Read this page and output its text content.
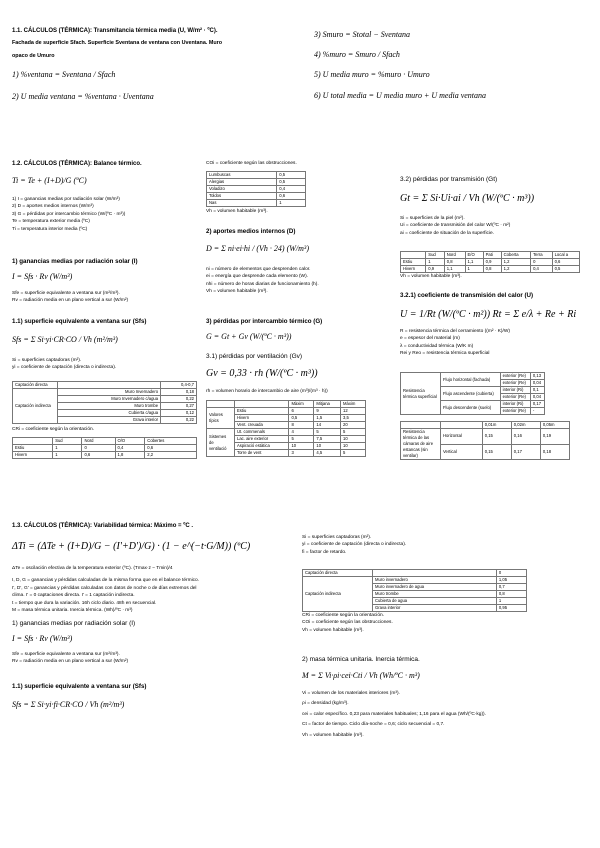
1.1. CÁLCULOS (TÉRMICA): Transmitancia térmica media (U, W/m² · ºC).
Fachada de superficie Sfach. Superficie Sventana de ventana con Uventana. Muro
opaco de Umuro
1) %ventana = Sventana / Sfach
2) U media ventana = %ventana · Uventana
3) Smuro = Stotal − Sventana
4) %muro = Smuro / Sfach
5) U media muro = %muro · Umuro
6) U total media = U media muro + U media ventana
1.2. CÁLCULOS (TÉRMICA): Balance térmico.
Ti = Te + (I+D)/G (ºC)
1) I = ganancias medias por radiación solar (W/m³)
2) D = aportes medios internos (W/m³)
3) G = pérdidas por intercambio térmico (W/(ºC · m³))
Te = temperatura exterior media (ºC)
Ti = temperatura interior media (ºC)
1) ganancias medias por radiación solar (I)
I = Sfs · Rv (W/m³)
Sfe = superficie equivalente a ventana sur (m²/m³).
Rv = radiación media en un plano vertical a sur (W/m²)
1.1) superficie equivalente a ventana sur (Sfs)
Sfs = Σ Si·yi·CR·CO / Vh (m²/m³)
Si = superficies captadoras (m²).
yi = coeficiente de captación (directa o indirecta).
Captación directa		0,4-0,7
Captación indirecta	Muro Invernadero	0,18
	Muro Invernadero c/agua	0,22
	Muro trombe	0,27
	Cubierta c/agua	0,12
	Grava interior	0,22
CRi = coeficiente según la orientación.
	Sud	Nord	O/O	Cobertes
Estiu	1	0	0,4	0,6
Hivern	1	0,6	1,8	2,2
COi = coeficiente según las obstrucciones.
Lumbuscas	0,5
Alergias	0,5
Voladizo	0,4
Toldos	0,6
Nas	1
Vh = volumen habitable (m³).
2) aportes medios internos (D)
D = Σ ni·ei·hi / (Vh · 24) (W/m³)
ni = número de elementos que desprenden calor.
ei = energía que desprende cada elemento (W).
nhi = número de horas diarias de funcionamiento (h).
Vh = volumen habitable (m³).
3) pérdidas por intercambio térmico (G)
G = Gt + Gv (W/(ºC · m³))
3.1) pérdidas por ventilación (Gv)
Gv = 0,33 · rh (W/(ºC · m³))
rh = volumen horario de intercambio de aire (m³)/(m³ · h))
		Màxim	Mitjana	Màxim
Valores típics	Estiu	6	9	12
	Hivern	0,5	1,5	3,5
	Vent. creuada	8	14	20
Sistemes de ventilació	Ut. commenals	4	5	5
	Lac. aire exterior	5	7,5	10
	Aspiració estàtica	10	10	10
	Torre de vent	3	4,5	5
3.2) pérdidas por transmisión (Gt)
Gt = Σ Si·Ui·ai / Vh (W/(ºC · m³))
Si = superficies de la piel (m²).
Ui = coeficiente de transmisión del calor W/(ºC · m²)
ai = coeficiente de situación de la superficie.
	Sud	Nord	E/O	Pati	Coberta	Terra	Local a
Estiu	1	0,8	1,1	0,9	1,2	0	0,6
Hivern	0,9	1,1	1	0,8	1,2	0,4	0,5
Vh = volumen habitable (m³).
3.2.1) coeficiente de transmisión del calor (U)
U = 1/Rt (W/(ºC · m²)) Rt = Σ e/λ + Re + Ri
R = resistencia térmica del cerramiento ((m² · K)/W)
e = espesor del material (m)
λ = conductividad térmica (W/K m)
Rei y Reo = resistencia térmica superficial
Resistencia térmica superficial	Flujo horizontal (fachada)	exterior (Re)	0,13
		exterior (Re)	0,04
	Flujo ascendente (cubierta)	interior (Ri)	0,1
		exterior (Re)	0,04
	Flujo descendente (suelo)	interior (Ri)	0,17
		exterior (Re)	-
		0,01m	0,02m	0,05m
Resistencia térmica de las cámaras de aire estancas (sin ventilar)	Horizontal	0,15	0,16	0,19
	Vertical	0,15	0,17	0,18
1.3. CÁLCULOS (TÉRMICA): Variabilidad térmica: Máximo = ºC .
ΔTi = (ΔTe + (I+D)/G − (I'+D')/G) · (1 − e^(−t·G/M)) (ºC)
ΔTe = oscilación efectiva de la temperatura exterior (ºC). (Tmax·z − Tmin)/4
I, D, G = ganancias y pérdidas calculadas de la misma forma que en el balance térmico.
I', D', G' = ganancias y pérdidas calculadas con datos de noche o de días extremos del
clima. I' = 0 captaciones directa. I' = 1 captación indirecta.
t = tiempo que dura la variación. 16h ciclo diario. 48h en secuencial.
M = masa térmica unitaria. Inercia térmica. (Wh)/ºC · m³)
1) ganancias medias por radiación solar (I)
I = Sfs · Rv (W/m³)
Sfe = superficie equivalente a ventana sur (m²/m³).
Rv = radiación media en un plano vertical a sur (W/m²)
1.1) superficie equivalente a ventana sur (Sfs)
Sfs = Σ Si·yi·fi·CR·CO / Vh (m²/m³)
Si = superficies captadoras (m²).
yi = coeficiente de captación (directa o indirecta).
fi = factor de retardo.
Captación directa		0
Captación indirecta	Muro invernadero	1,05
	Muro invernadero de agua	0,7
	Muro trombe	0,8
	Cubierta de agua	1
	Grava interior	0,95
CRi = coeficiente según la orientación.
COi = coeficiente según las obstrucciones.
Vh = volumen habitable (m³).
2) masa térmica unitaria. Inercia térmica.
M = Σ Vi·ρi·cei·Cti / Vh (Wh/ºC · m³)
Vi = volumen de los materiales interiores (m³).
ρi = densidad (kg/m³).
cei = calor específico. 0,23 para materiales habituales; 1,16 para el agua (Wh/(ºC·kg)).
Ct = factor de tiempo. Ciclo día-noche = 0,6; ciclo secuencial = 0,7.
Vh = volumen habitable (m³).
